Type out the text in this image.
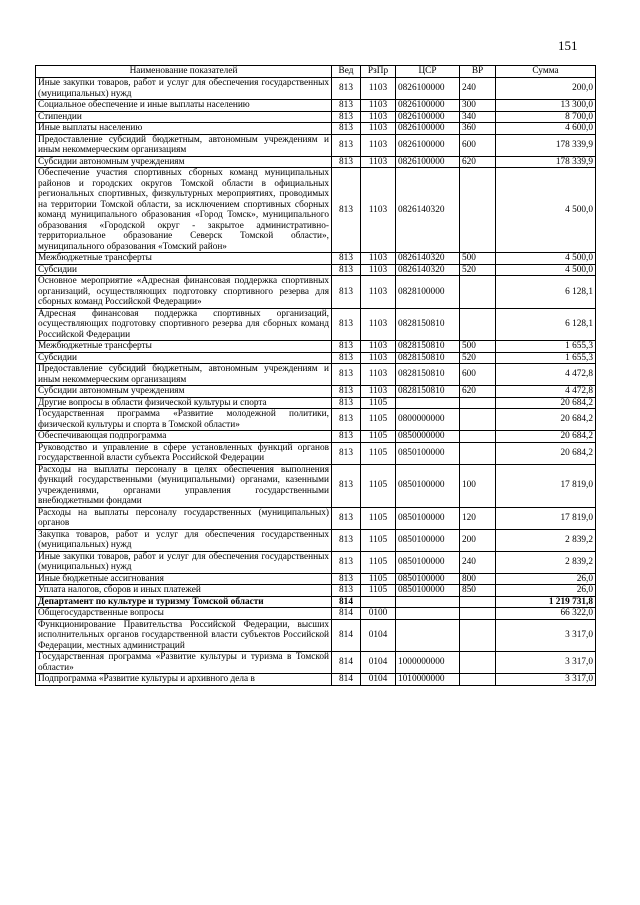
151
Наименование показателей	Вед	РзПр	ЦСР	ВР	Сумма
Иные закупки товаров, работ и услуг для обеспечения государственных (муниципальных) нужд	813	1103	0826100000	240	200,0
Социальное обеспечение и иные выплаты населению	813	1103	0826100000	300	13 300,0
Стипендии	813	1103	0826100000	340	8 700,0
Иные выплаты населению	813	1103	0826100000	360	4 600,0
Предоставление субсидий бюджетным, автономным учреждениям и иным некоммерческим организациям	813	1103	0826100000	600	178 339,9
Субсидии автономным учреждениям	813	1103	0826100000	620	178 339,9
Обеспечение участия спортивных сборных команд муниципальных районов и городских округов Томской области в официальных региональных спортивных, физкультурных мероприятиях, проводимых на территории Томской области, за исключением спортивных сборных команд муниципального образования «Город Томск», муниципального образования «Городской округ - закрытое административно-территориальное образование Северск Томской области», муниципального образования «Томский район»	813	1103	0826140320		4 500,0
Межбюджетные трансферты	813	1103	0826140320	500	4 500,0
Субсидии	813	1103	0826140320	520	4 500,0
Основное мероприятие «Адресная финансовая поддержка спортивных организаций, осуществляющих подготовку спортивного резерва для сборных команд Российской Федерации»	813	1103	0828100000		6 128,1
Адресная финансовая поддержка спортивных организаций, осуществляющих подготовку спортивного резерва для сборных команд Российской Федерации	813	1103	0828150810		6 128,1
Межбюджетные трансферты	813	1103	0828150810	500	1 655,3
Субсидии	813	1103	0828150810	520	1 655,3
Предоставление субсидий бюджетным, автономным учреждениям и иным некоммерческим организациям	813	1103	0828150810	600	4 472,8
Субсидии автономным учреждениям	813	1103	0828150810	620	4 472,8
Другие вопросы в области физической культуры и спорта	813	1105			20 684,2
Государственная программа «Развитие молодежной политики, физической культуры и спорта в Томской области»	813	1105	0800000000		20 684,2
Обеспечивающая подпрограмма	813	1105	0850000000		20 684,2
Руководство и управление в сфере установленных функций органов государственной власти субъекта Российской Федерации	813	1105	0850100000		20 684,2
Расходы на выплаты персоналу в целях обеспечения выполнения функций государственными (муниципальными) органами, казенными учреждениями, органами управления государственными внебюджетными фондами	813	1105	0850100000	100	17 819,0
Расходы на выплаты персоналу государственных (муниципальных) органов	813	1105	0850100000	120	17 819,0
Закупка товаров, работ и услуг для обеспечения государственных (муниципальных) нужд	813	1105	0850100000	200	2 839,2
Иные закупки товаров, работ и услуг для обеспечения государственных (муниципальных) нужд	813	1105	0850100000	240	2 839,2
Иные бюджетные ассигнования	813	1105	0850100000	800	26,0
Уплата налогов, сборов и иных платежей	813	1105	0850100000	850	26,0
Департамент по культуре и туризму Томской области	814				1 219 731,8
Общегосударственные вопросы	814	0100			66 322,0
Функционирование Правительства Российской Федерации, высших исполнительных органов государственной власти субъектов Российской Федерации, местных администраций	814	0104			3 317,0
Государственная программа «Развитие культуры и туризма в Томской области»	814	0104	1000000000		3 317,0
Подпрограмма «Развитие культуры и архивного дела в	814	0104	1010000000		3 317,0
